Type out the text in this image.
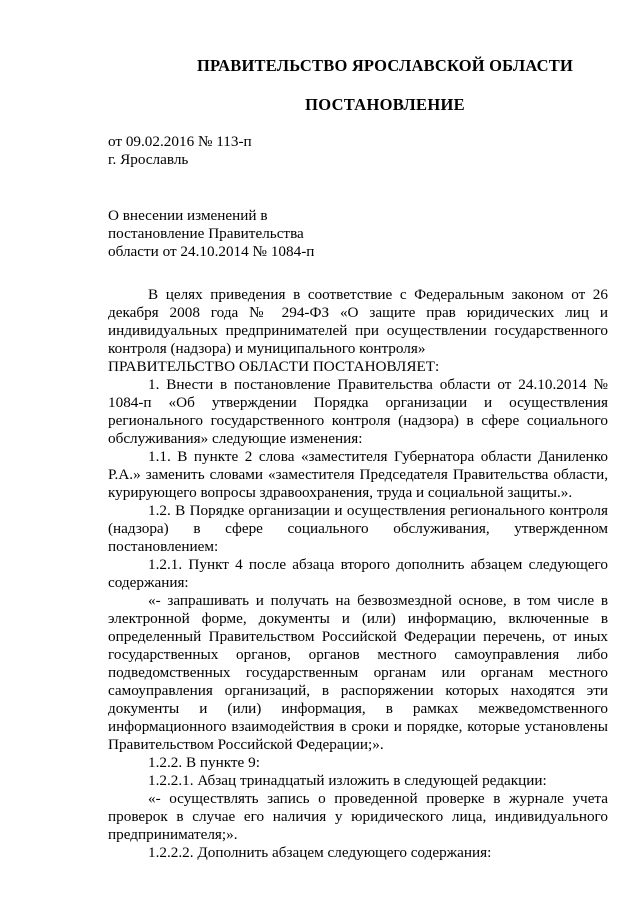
ПРАВИТЕЛЬСТВО ЯРОСЛАВСКОЙ ОБЛАСТИ
ПОСТАНОВЛЕНИЕ
от 09.02.2016 № 113-п
г. Ярославль
О внесении изменений в
постановление Правительства
области от 24.10.2014 № 1084-п

В целях приведения в соответствие с Федеральным законом от 26 декабря 2008 года № 294-ФЗ «О защите прав юридических лиц и индивидуальных предпринимателей при осуществлении государственного контроля (надзора) и муниципального контроля»

ПРАВИТЕЛЬСТВО ОБЛАСТИ ПОСТАНОВЛЯЕТ:

1. Внести в постановление Правительства области от 24.10.2014 № 1084-п «Об утверждении Порядка организации и осуществления регионального государственного контроля (надзора) в сфере социального обслуживания» следующие изменения:

1.1. В пункте 2 слова «заместителя Губернатора области Даниленко Р.А.» заменить словами «заместителя Председателя Правительства области, курирующего вопросы здравоохранения, труда и социальной защиты.».

1.2. В Порядке организации и осуществления регионального контроля (надзора) в сфере социального обслуживания, утвержденном постановлением:

1.2.1. Пункт 4 после абзаца второго дополнить абзацем следующего содержания:

«- запрашивать и получать на безвозмездной основе, в том числе в электронной форме, документы и (или) информацию, включенные в определенный Правительством Российской Федерации перечень, от иных государственных органов, органов местного самоуправления либо подведомственных государственным органам или органам местного самоуправления организаций, в распоряжении которых находятся эти документы и (или) информация, в рамках межведомственного информационного взаимодействия в сроки и порядке, которые установлены Правительством Российской Федерации;».

1.2.2. В пункте 9:

1.2.2.1. Абзац тринадцатый изложить в следующей редакции:

«- осуществлять запись о проведенной проверке в журнале учета проверок в случае его наличия у юридического лица, индивидуального предпринимателя;».

1.2.2.2. Дополнить абзацем следующего содержания:
